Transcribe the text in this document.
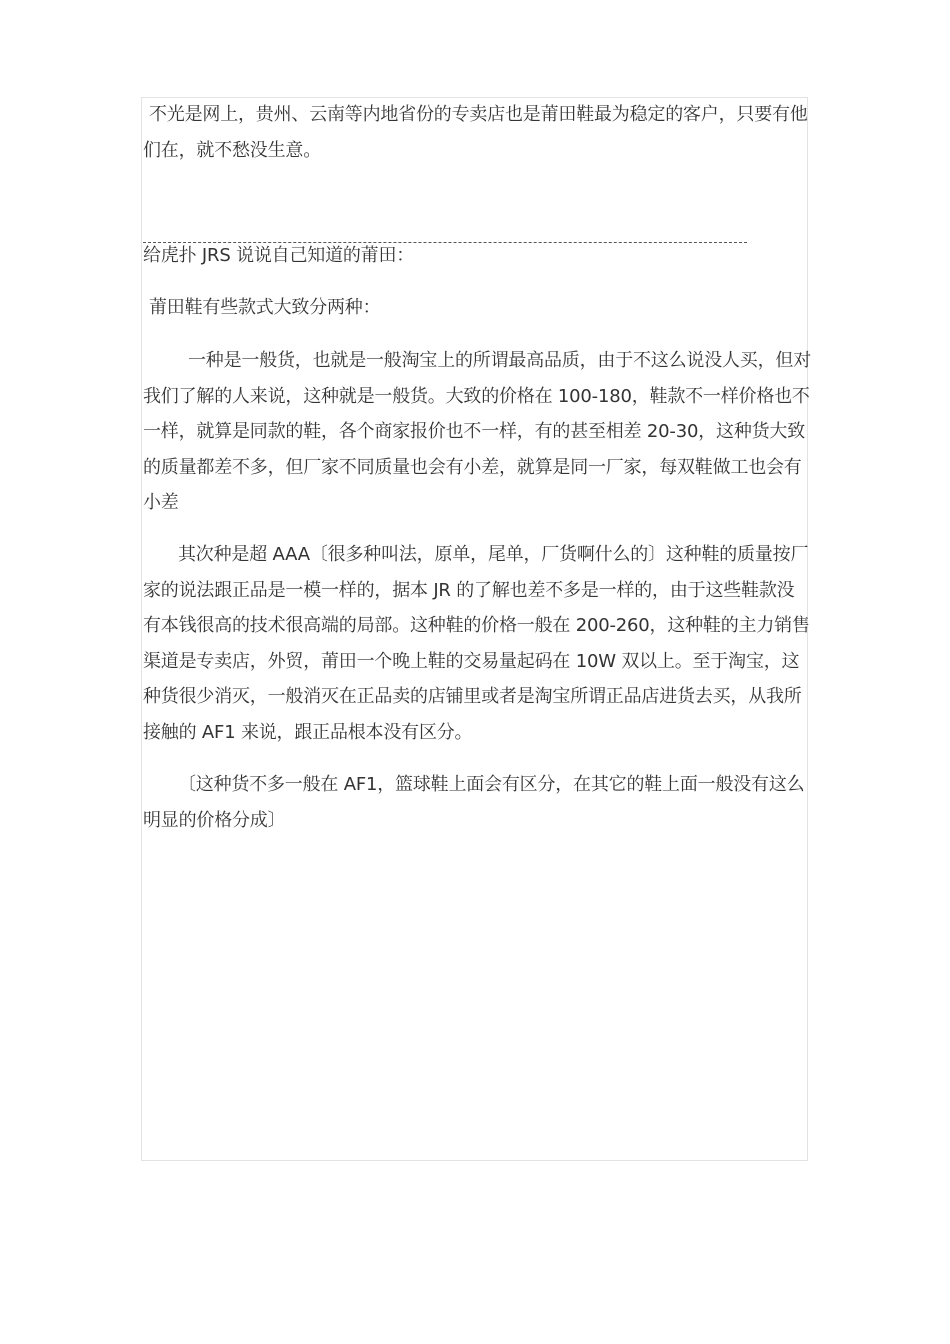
不光是网上，贵州、云南等内地省份的专卖店也是莆田鞋最为稳定的客户，只要有他们在，就不愁没生意。

给虎扑 JRS 说说自己知道的莆田：

莆田鞋有些款式大致分两种：

一种是一般货，也就是一般淘宝上的所谓最高品质，由于不这么说没人买，但对我们了解的人来说，这种就是一般货。大致的价格在 100-180，鞋款不一样价格也不一样，就算是同款的鞋，各个商家报价也不一样，有的甚至相差 20-30，这种货大致的质量都差不多，但厂家不同质量也会有小差，就算是同一厂家，每双鞋做工也会有小差

其次种是超 AAA〔很多种叫法，原单，尾单，厂货啊什么的〕这种鞋的质量按厂家的说法跟正品是一模一样的，据本 JR 的了解也差不多是一样的，由于这些鞋款没有本钱很高的技术很高端的局部。这种鞋的价格一般在 200-260，这种鞋的主力销售渠道是专卖店，外贸，莆田一个晚上鞋的交易量起码在 10W 双以上。至于淘宝，这种货很少消灭，一般消灭在正品卖的店铺里或者是淘宝所谓正品店进货去买，从我所接触的 AF1 来说，跟正品根本没有区分。

〔这种货不多一般在 AF1，篮球鞋上面会有区分，在其它的鞋上面一般没有这么明显的价格分成〕
